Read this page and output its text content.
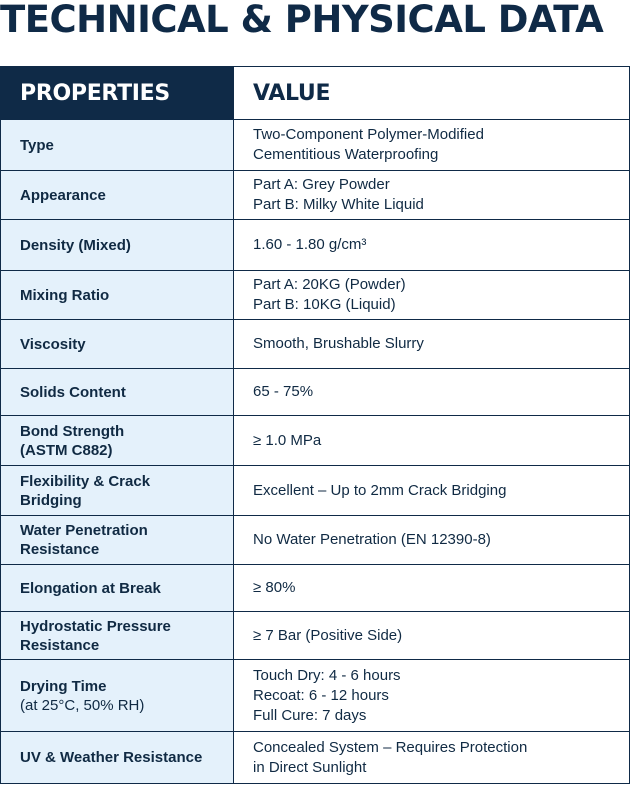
TECHNICAL & PHYSICAL DATA
PROPERTIES	VALUE
Type	Two-Component Polymer-Modified
Cementitious Waterproofing

Appearance	Part A: Grey Powder
Part B: Milky White Liquid

Density (Mixed)	1.60 - 1.80 g/cm³
Mixing Ratio	Part A: 20KG (Powder)
Part B: 10KG (Liquid)

Viscosity	Smooth, Brushable Slurry
Solids Content	65 - 75%

Bond Strength
(ASTM C882)	≥ 1.0 MPa

Flexibility & Crack
Bridging	Excellent – Up to 2mm Crack Bridging

Water Penetration
Resistance	No Water Penetration (EN 12390-8)
Elongation at Break	≥ 80%

Hydrostatic Pressure
Resistance	≥ 7 Bar (Positive Side)

Drying Time
(at 25°C, 50% RH)	Touch Dry: 4 - 6 hours
Recoat: 6 - 12 hours
Full Cure: 7 days

UV & Weather Resistance	Concealed System – Requires Protection
in Direct Sunlight
